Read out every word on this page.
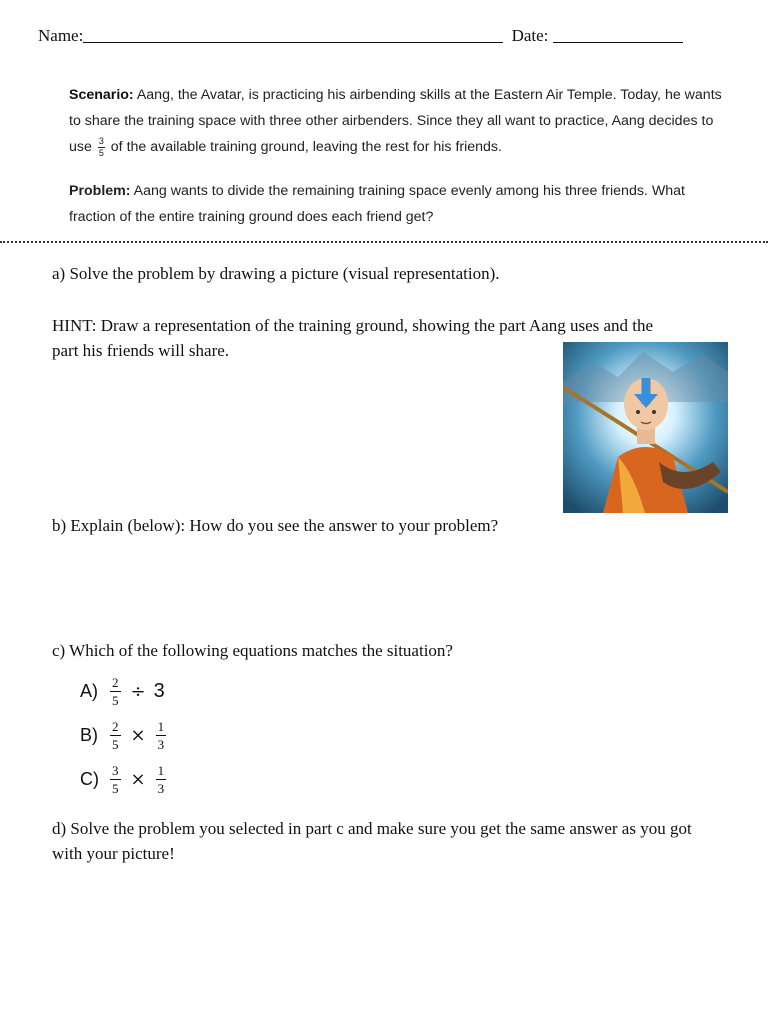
Name:	Date:
Scenario: Aang, the Avatar, is practicing his airbending skills at the Eastern Air Temple. Today, he wants to share the training space with three other airbenders. Since they all want to practice, Aang decides to use $\frac{3}{5}$ of the available training ground, leaving the rest for his friends.
Problem: Aang wants to divide the remaining training space evenly among his three friends. What fraction of the entire training ground does each friend get?
a) Solve the problem by drawing a picture (visual representation).
HINT: Draw a representation of the training ground, showing the part Aang uses and the part his friends will share.
b) Explain (below): How do you see the answer to your problem?
c) Which of the following equations matches the situation?
$A) \frac{2}{5} \div 3$
$B) \frac{2}{5} \times \frac{1}{3}$
$C) \frac{3}{5} \times \frac{1}{3}$
d) Solve the problem you selected in part c and make sure you get the same answer as you got with your picture!
